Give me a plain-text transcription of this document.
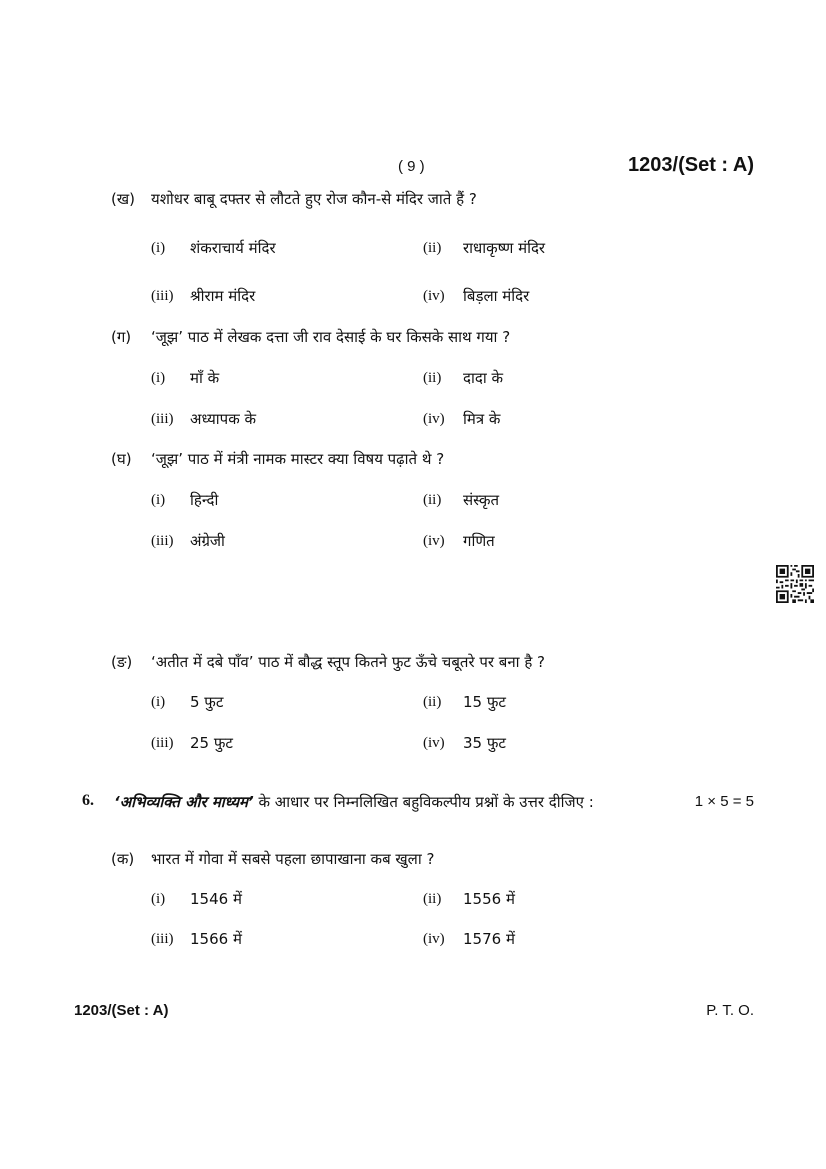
( 9 )	1203/(Set : A)
(ख) यशोधर बाबू दफ्तर से लौटते हुए रोज कौन-से मंदिर जाते हैं ?
(i) शंकराचार्य मंदिर	(ii) राधाकृष्ण मंदिर
(iii) श्रीराम मंदिर	(iv) बिड़ला मंदिर
(ग) ‘जूझ’ पाठ में लेखक दत्ता जी राव देसाई के घर किसके साथ गया ?
(i) माँ के	(ii) दादा के
(iii) अध्यापक के	(iv) मित्र के
(घ) ‘जूझ’ पाठ में मंत्री नामक मास्टर क्या विषय पढ़ाते थे ?
(i) हिन्दी	(ii) संस्कृत
(iii) अंग्रेजी	(iv) गणित
(ङ) ‘अतीत में दबे पाँव’ पाठ में बौद्ध स्तूप कितने फुट ऊँचे चबूतरे पर बना है ?
(i) 5 फुट	(ii) 15 फुट
(iii) 25 फुट	(iv) 35 फुट
6. ‘अभिव्यक्ति और माध्यम’ के आधार पर निम्नलिखित बहुविकल्पीय प्रश्नों के उत्तर दीजिए :	1 × 5 = 5
(क) भारत में गोवा में सबसे पहला छापाखाना कब खुला ?
(i) 1546 में	(ii) 1556 में
(iii) 1566 में	(iv) 1576 में
1203/(Set : A)	P. T. O.
